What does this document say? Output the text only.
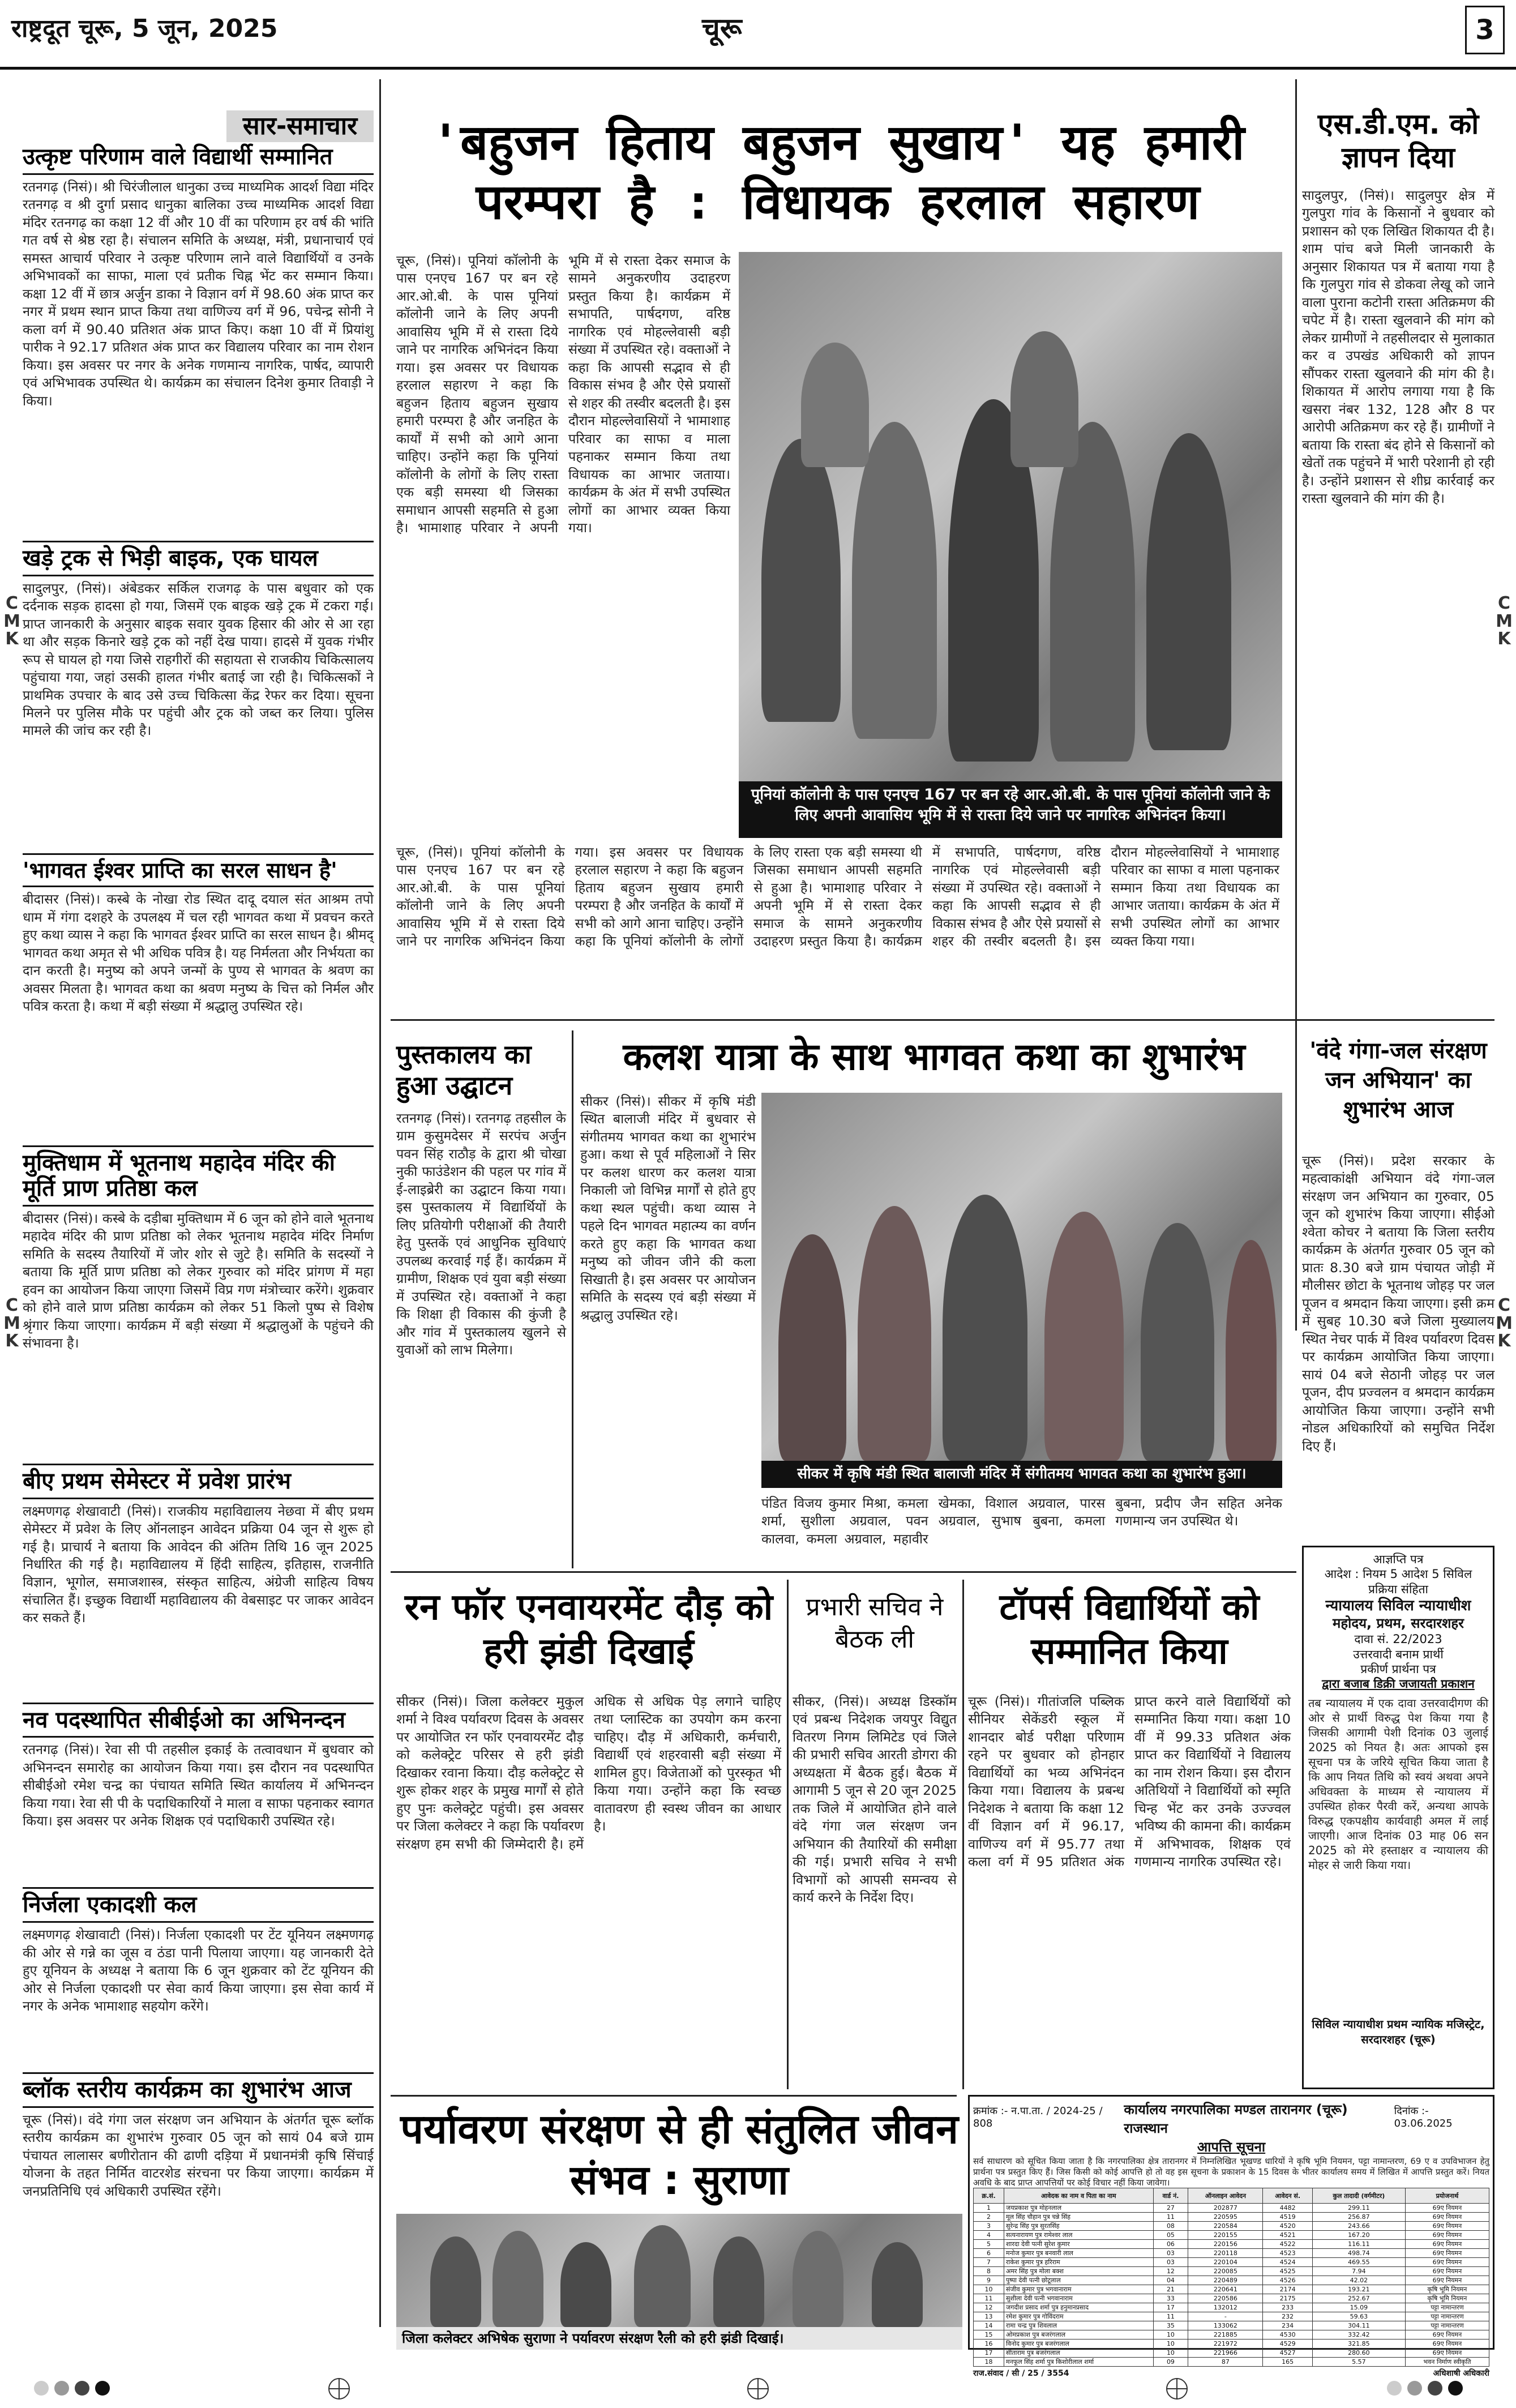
राष्ट्रदूत चूरू, 5 जून, 2025	चूरू	3
C
M
K
C
M
K
C
M
K
C
M
K
सार-समाचार
उत्कृष्ट परिणाम वाले विद्यार्थी सम्मानित
रतनगढ़ (निसं)। श्री चिरंजीलाल धानुका उच्च माध्यमिक आदर्श विद्या मंदिर रतनगढ़ व श्री दुर्गा प्रसाद धानुका बालिका उच्च माध्यमिक आदर्श विद्या मंदिर रतनगढ़ का कक्षा 12 वीं और 10 वीं का परिणाम हर वर्ष की भांति गत वर्ष से श्रेष्ठ रहा है। संचालन समिति के अध्यक्ष, मंत्री, प्रधानाचार्य एवं समस्त आचार्य परिवार ने उत्कृष्ट परिणाम लाने वाले विद्यार्थियों व उनके अभिभावकों का साफा, माला एवं प्रतीक चिह्न भेंट कर सम्मान किया। कक्षा 12 वीं में छात्र अर्जुन डाका ने विज्ञान वर्ग में 98.60 अंक प्राप्त कर नगर में प्रथम स्थान प्राप्त किया तथा वाणिज्य वर्ग में 96, पचेन्द्र सोनी ने कला वर्ग में 90.40 प्रतिशत अंक प्राप्त किए। कक्षा 10 वीं में प्रियांशु पारीक ने 92.17 प्रतिशत अंक प्राप्त कर विद्यालय परिवार का नाम रोशन किया। इस अवसर पर नगर के अनेक गणमान्य नागरिक, पार्षद, व्यापारी एवं अभिभावक उपस्थित थे। कार्यक्रम का संचालन दिनेश कुमार तिवाड़ी ने किया।
खड़े ट्रक से भिड़ी बाइक, एक घायल
सादुलपुर, (निसं)। अंबेडकर सर्किल राजगढ़ के पास बधुवार को एक दर्दनाक सड़क हादसा हो गया, जिसमें एक बाइक खड़े ट्रक में टकरा गई। प्राप्त जानकारी के अनुसार बाइक सवार युवक हिसार की ओर से आ रहा था और सड़क किनारे खड़े ट्रक को नहीं देख पाया। हादसे में युवक गंभीर रूप से घायल हो गया जिसे राहगीरों की सहायता से राजकीय चिकित्सालय पहुंचाया गया, जहां उसकी हालत गंभीर बताई जा रही है। चिकित्सकों ने प्राथमिक उपचार के बाद उसे उच्च चिकित्सा केंद्र रेफर कर दिया। सूचना मिलने पर पुलिस मौके पर पहुंची और ट्रक को जब्त कर लिया। पुलिस मामले की जांच कर रही है।
'भागवत ईश्वर प्राप्ति का सरल साधन है'
बीदासर (निसं)। कस्बे के नोखा रोड स्थित दादू दयाल संत आश्रम तपो धाम में गंगा दशहरे के उपलक्ष्य में चल रही भागवत कथा में प्रवचन करते हुए कथा व्यास ने कहा कि भागवत ईश्वर प्राप्ति का सरल साधन है। श्रीमद् भागवत कथा अमृत से भी अधिक पवित्र है। यह निर्मलता और निर्भयता का दान करती है। मनुष्य को अपने जन्मों के पुण्य से भागवत के श्रवण का अवसर मिलता है। भागवत कथा का श्रवण मनुष्य के चित्त को निर्मल और पवित्र करता है। कथा में बड़ी संख्या में श्रद्धालु उपस्थित रहे।
मुक्तिधाम में भूतनाथ महादेव मंदिर की मूर्ति प्राण प्रतिष्ठा कल
बीदासर (निसं)। कस्बे के दड़ीबा मुक्तिधाम में 6 जून को होने वाले भूतनाथ महादेव मंदिर की प्राण प्रतिष्ठा को लेकर भूतनाथ महादेव मंदिर निर्माण समिति के सदस्य तैयारियों में जोर शोर से जुटे है। समिति के सदस्यों ने बताया कि मूर्ति प्राण प्रतिष्ठा को लेकर गुरुवार को मंदिर प्रांगण में महा हवन का आयोजन किया जाएगा जिसमें विप्र गण मंत्रोच्चार करेंगे। शुक्रवार को होने वाले प्राण प्रतिष्ठा कार्यक्रम को लेकर 51 किलो पुष्प से विशेष श्रृंगार किया जाएगा। कार्यक्रम में बड़ी संख्या में श्रद्धालुओं के पहुंचने की संभावना है।
बीए प्रथम सेमेस्टर में प्रवेश प्रारंभ
लक्ष्मणगढ़ शेखावाटी (निसं)। राजकीय महाविद्यालय नेछवा में बीए प्रथम सेमेस्टर में प्रवेश के लिए ऑनलाइन आवेदन प्रक्रिया 04 जून से शुरू हो गई है। प्राचार्य ने बताया कि आवेदन की अंतिम तिथि 16 जून 2025 निर्धारित की गई है। महाविद्यालय में हिंदी साहित्य, इतिहास, राजनीति विज्ञान, भूगोल, समाजशास्त्र, संस्कृत साहित्य, अंग्रेजी साहित्य विषय संचालित हैं। इच्छुक विद्यार्थी महाविद्यालय की वेबसाइट पर जाकर आवेदन कर सकते हैं।
नव पदस्थापित सीबीईओ का अभिनन्दन
रतनगढ़ (निसं)। रेवा सी पी तहसील इकाई के तत्वावधान में बुधवार को अभिनन्दन समारोह का आयोजन किया गया। इस दौरान नव पदस्थापित सीबीईओ रमेश चन्द्र का पंचायत समिति स्थित कार्यालय में अभिनन्दन किया गया। रेवा सी पी के पदाधिकारियों ने माला व साफा पहनाकर स्वागत किया। इस अवसर पर अनेक शिक्षक एवं पदाधिकारी उपस्थित रहे।
निर्जला एकादशी कल
लक्ष्मणगढ़ शेखावाटी (निसं)। निर्जला एकादशी पर टेंट यूनियन लक्ष्मणगढ़ की ओर से गन्ने का जूस व ठंडा पानी पिलाया जाएगा। यह जानकारी देते हुए यूनियन के अध्यक्ष ने बताया कि 6 जून शुक्रवार को टेंट यूनियन की ओर से निर्जला एकादशी पर सेवा कार्य किया जाएगा। इस सेवा कार्य में नगर के अनेक भामाशाह सहयोग करेंगे।
ब्लॉक स्तरीय कार्यक्रम का शुभारंभ आज
चूरू (निसं)। वंदे गंगा जल संरक्षण जन अभियान के अंतर्गत चूरू ब्लॉक स्तरीय कार्यक्रम का शुभारंभ गुरुवार 05 जून को सायं 04 बजे ग्राम पंचायत लालासर बणीरोतान की ढाणी दड़िया में प्रधानमंत्री कृषि सिंचाई योजना के तहत निर्मित वाटरशेड संरचना पर किया जाएगा। कार्यक्रम में जनप्रतिनिधि एवं अधिकारी उपस्थित रहेंगे।
'बहुजन हिताय बहुजन सुखाय' यह हमारी परम्परा है : विधायक हरलाल सहारण
पूनियां कॉलोनी के पास एनएच 167 पर बन रहे आर.ओ.बी. के पास पूनियां कॉलोनी जाने के लिए अपनी आवासिय भूमि में से रास्ता दिये जाने पर नागरिक अभिनंदन किया।
चूरू, (निसं)। पूनियां कॉलोनी के पास एनएच 167 पर बन रहे आर.ओ.बी. के पास पूनियां कॉलोनी जाने के लिए अपनी आवासिय भूमि में से रास्ता दिये जाने पर नागरिक अभिनंदन किया गया। इस अवसर पर विधायक हरलाल सहारण ने कहा कि बहुजन हिताय बहुजन सुखाय हमारी परम्परा है और जनहित के कार्यों में सभी को आगे आना चाहिए। उन्होंने कहा कि पूनियां कॉलोनी के लोगों के लिए रास्ता एक बड़ी समस्या थी जिसका समाधान आपसी सहमति से हुआ है। भामाशाह परिवार ने अपनी भूमि में से रास्ता देकर समाज के सामने अनुकरणीय उदाहरण प्रस्तुत किया है। कार्यक्रम में सभापति, पार्षदगण, वरिष्ठ नागरिक एवं मोहल्लेवासी बड़ी संख्या में उपस्थित रहे। वक्ताओं ने कहा कि आपसी सद्भाव से ही विकास संभव है और ऐसे प्रयासों से शहर की तस्वीर बदलती है। इस दौरान मोहल्लेवासियों ने भामाशाह परिवार का साफा व माला पहनाकर सम्मान किया तथा विधायक का आभार जताया। कार्यक्रम के अंत में सभी उपस्थित लोगों का आभार व्यक्त किया गया।
चूरू, (निसं)। पूनियां कॉलोनी के पास एनएच 167 पर बन रहे आर.ओ.बी. के पास पूनियां कॉलोनी जाने के लिए अपनी आवासिय भूमि में से रास्ता दिये जाने पर नागरिक अभिनंदन किया गया। इस अवसर पर विधायक हरलाल सहारण ने कहा कि बहुजन हिताय बहुजन सुखाय हमारी परम्परा है और जनहित के कार्यों में सभी को आगे आना चाहिए। उन्होंने कहा कि पूनियां कॉलोनी के लोगों के लिए रास्ता एक बड़ी समस्या थी जिसका समाधान आपसी सहमति से हुआ है। भामाशाह परिवार ने अपनी भूमि में से रास्ता देकर समाज के सामने अनुकरणीय उदाहरण प्रस्तुत किया है। कार्यक्रम में सभापति, पार्षदगण, वरिष्ठ नागरिक एवं मोहल्लेवासी बड़ी संख्या में उपस्थित रहे। वक्ताओं ने कहा कि आपसी सद्भाव से ही विकास संभव है और ऐसे प्रयासों से शहर की तस्वीर बदलती है। इस दौरान मोहल्लेवासियों ने भामाशाह परिवार का साफा व माला पहनाकर सम्मान किया तथा विधायक का आभार जताया। कार्यक्रम के अंत में सभी उपस्थित लोगों का आभार व्यक्त किया गया।
एस.डी.एम. को ज्ञापन दिया
सादुलपुर, (निसं)। सादुलपुर क्षेत्र में गुलपुरा गांव के किसानों ने बुधवार को प्रशासन को एक लिखित शिकायत दी है। शाम पांच बजे मिली जानकारी के अनुसार शिकायत पत्र में बताया गया है कि गुलपुरा गांव से डोकवा लेखू को जाने वाला पुराना कटोनी रास्ता अतिक्रमण की चपेट में है। रास्ता खुलवाने की मांग को लेकर ग्रामीणों ने तहसीलदार से मुलाकात कर व उपखंड अधिकारी को ज्ञापन सौंपकर रास्ता खुलवाने की मांग की है। शिकायत में आरोप लगाया गया है कि खसरा नंबर 132, 128 और 8 पर आरोपी अतिक्रमण कर रहे हैं। ग्रामीणों ने बताया कि रास्ता बंद होने से किसानों को खेतों तक पहुंचने में भारी परेशानी हो रही है। उन्होंने प्रशासन से शीघ्र कार्रवाई कर रास्ता खुलवाने की मांग की है।
पुस्तकालय का हुआ उद्घाटन
रतनगढ़ (निसं)। रतनगढ़ तहसील के ग्राम कुसुमदेसर में सरपंच अर्जुन पवन सिंह राठौड़ के द्वारा श्री चोखा नुकी फाउंडेशन की पहल पर गांव में ई-लाइब्रेरी का उद्घाटन किया गया। इस पुस्तकालय में विद्यार्थियों के लिए प्रतियोगी परीक्षाओं की तैयारी हेतु पुस्तकें एवं आधुनिक सुविधाएं उपलब्ध करवाई गई हैं। कार्यक्रम में ग्रामीण, शिक्षक एवं युवा बड़ी संख्या में उपस्थित रहे। वक्ताओं ने कहा कि शिक्षा ही विकास की कुंजी है और गांव में पुस्तकालय खुलने से युवाओं को लाभ मिलेगा।
कलश यात्रा के साथ भागवत कथा का शुभारंभ
सीकर (निसं)। सीकर में कृषि मंडी स्थित बालाजी मंदिर में बुधवार से संगीतमय भागवत कथा का शुभारंभ हुआ। कथा से पूर्व महिलाओं ने सिर पर कलश धारण कर कलश यात्रा निकाली जो विभिन्न मार्गों से होते हुए कथा स्थल पहुंची। कथा व्यास ने पहले दिन भागवत महात्म्य का वर्णन करते हुए कहा कि भागवत कथा मनुष्य को जीवन जीने की कला सिखाती है। इस अवसर पर आयोजन समिति के सदस्य एवं बड़ी संख्या में श्रद्धालु उपस्थित रहे।
सीकर में कृषि मंडी स्थित बालाजी मंदिर में संगीतमय भागवत कथा का शुभारंभ हुआ।
पंडित विजय कुमार मिश्रा, कमला शर्मा, सुशीला अग्रवाल, पवन कालवा, कमला अग्रवाल, महावीर खेमका, विशाल अग्रवाल, पारस अग्रवाल, सुभाष बुबना, कमला बुबना, प्रदीप जैन सहित अनेक गणमान्य जन उपस्थित थे।
'वंदे गंगा-जल संरक्षण जन अभियान' का शुभारंभ आज
चूरू (निसं)। प्रदेश सरकार के महत्वाकांक्षी अभियान वंदे गंगा-जल संरक्षण जन अभियान का गुरुवार, 05 जून को शुभारंभ किया जाएगा। सीईओ श्वेता कोचर ने बताया कि जिला स्तरीय कार्यक्रम के अंतर्गत गुरुवार 05 जून को प्रातः 8.30 बजे ग्राम पंचायत जोड़ी में मौलीसर छोटा के भूतनाथ जोहड़ पर जल पूजन व श्रमदान किया जाएगा। इसी क्रम में सुबह 10.30 बजे जिला मुख्यालय स्थित नेचर पार्क में विश्व पर्यावरण दिवस पर कार्यक्रम आयोजित किया जाएगा। सायं 04 बजे सेठानी जोहड़ पर जल पूजन, दीप प्रज्वलन व श्रमदान कार्यक्रम आयोजित किया जाएगा। उन्होंने सभी नोडल अधिकारियों को समुचित निर्देश दिए हैं।
रन फॉर एनवायरमेंट दौड़ को हरी झंडी दिखाई
सीकर (निसं)। जिला कलेक्टर मुकुल शर्मा ने विश्व पर्यावरण दिवस के अवसर पर आयोजित रन फॉर एनवायरमेंट दौड़ को कलेक्ट्रेट परिसर से हरी झंडी दिखाकर रवाना किया। दौड़ कलेक्ट्रेट से शुरू होकर शहर के प्रमुख मार्गों से होते हुए पुनः कलेक्ट्रेट पहुंची। इस अवसर पर जिला कलेक्टर ने कहा कि पर्यावरण संरक्षण हम सभी की जिम्मेदारी है। हमें अधिक से अधिक पेड़ लगाने चाहिए तथा प्लास्टिक का उपयोग कम करना चाहिए। दौड़ में अधिकारी, कर्मचारी, विद्यार्थी एवं शहरवासी बड़ी संख्या में शामिल हुए। विजेताओं को पुरस्कृत भी किया गया। उन्होंने कहा कि स्वच्छ वातावरण ही स्वस्थ जीवन का आधार है।
प्रभारी सचिव ने बैठक ली
सीकर, (निसं)। अध्यक्ष डिस्कॉम एवं प्रबन्ध निदेशक जयपुर विद्युत वितरण निगम लिमिटेड एवं जिले की प्रभारी सचिव आरती डोगरा की अध्यक्षता में बैठक हुई। बैठक में आगामी 5 जून से 20 जून 2025 तक जिले में आयोजित होने वाले वंदे गंगा जल संरक्षण जन अभियान की तैयारियों की समीक्षा की गई। प्रभारी सचिव ने सभी विभागों को आपसी समन्वय से कार्य करने के निर्देश दिए।
टॉपर्स विद्यार्थियों को सम्मानित किया
चूरू (निसं)। गीतांजलि पब्लिक सीनियर सेकेंडरी स्कूल में शानदार बोर्ड परीक्षा परिणाम रहने पर बुधवार को होनहार विद्यार्थियों का भव्य अभिनंदन किया गया। विद्यालय के प्रबन्ध निदेशक ने बताया कि कक्षा 12 वीं विज्ञान वर्ग में 96.17, वाणिज्य वर्ग में 95.77 तथा कला वर्ग में 95 प्रतिशत अंक प्राप्त करने वाले विद्यार्थियों को सम्मानित किया गया। कक्षा 10 वीं में 99.33 प्रतिशत अंक प्राप्त कर विद्यार्थियों ने विद्यालय का नाम रोशन किया। इस दौरान अतिथियों ने विद्यार्थियों को स्मृति चिन्ह भेंट कर उनके उज्ज्वल भविष्य की कामना की। कार्यक्रम में अभिभावक, शिक्षक एवं गणमान्य नागरिक उपस्थित रहे।
आज्ञप्ति पत्र
आदेश : नियम 5 आदेश 5 सिविल
प्रक्रिया संहिता
न्यायालय सिविल न्यायाधीश
महोदय, प्रथम, सरदारशहर
दावा सं. 22/2023
उत्तरवादी बनाम प्रार्थी
प्रकीर्ण प्रार्थना पत्र
द्वारा बजाब डिक्री जजायती प्रकाशन
तब न्यायालय में एक दावा उत्तरवादीगण की ओर से प्रार्थी विरुद्ध पेश किया गया है जिसकी आगामी पेशी दिनांक 03 जुलाई 2025 को नियत है। अतः आपको इस सूचना पत्र के जरिये सूचित किया जाता है कि आप नियत तिथि को स्वयं अथवा अपने अधिवक्ता के माध्यम से न्यायालय में उपस्थित होकर पैरवी करें, अन्यथा आपके विरुद्ध एकपक्षीय कार्यवाही अमल में लाई जाएगी। आज दिनांक 03 माह 06 सन 2025 को मेरे हस्ताक्षर व न्यायालय की मोहर से जारी किया गया।
सिविल न्यायाधीश प्रथम न्यायिक मजिस्ट्रेट, सरदारशहर (चूरू)
पर्यावरण संरक्षण से ही संतुलित जीवन संभव : सुराणा
जिला कलेक्टर अभिषेक सुराणा ने पर्यावरण संरक्षण रैली को हरी झंडी दिखाई।
क्रमांक :- न.पा.ता. / 2024-25 / 808
कार्यालय नगरपालिका मण्डल तारानगर (चूरू) राजस्थान
दिनांक :- 03.06.2025
आपत्ति सूचना
सर्व साधारण को सूचित किया जाता है कि नगरपालिका क्षेत्र तारानगर में निम्नलिखित भूखण्ड धारियों ने कृषि भूमि नियमन, पट्टा नामान्तरण, 69 ए व उपविभाजन हेतु प्रार्थना पत्र प्रस्तुत किए हैं। जिस किसी को कोई आपत्ति हो तो वह इस सूचना के प्रकाशन के 15 दिवस के भीतर कार्यालय समय में लिखित में आपत्ति प्रस्तुत करें। नियत अवधि के बाद प्राप्त आपत्तियों पर कोई विचार नहीं किया जावेगा।
क्र.सं.	आवेदक का नाम व पिता का नाम	वार्ड नं.	ऑनलाइन आवेदन	आवेदन सं.	कुल तादादी (वर्गमीटर)	प्रयोजनार्थ
1	जयप्रकाश पुत्र मोहनलाल	27	202877	4482	299.11	69ए नियमन
2	मूल सिंह चौहान पुत्र चन्ने सिंह	11	220595	4519	256.87	69ए नियमन
3	सुरेन्द्र सिंह पुत्र सुरतसिंह	08	220584	4520	243.66	69ए नियमन
4	सत्यनारायण पुत्र रामेश्वर लाल	05	220155	4521	167.20	69ए नियमन
5	शारदा देवी पत्नी सुरेश कुमार	06	220156	4522	116.11	69ए नियमन
6	मनोज कुमार पुत्र बनवारी लाल	03	220118	4523	498.74	69ए नियमन
7	राकेश कुमार पुत्र हरिराम	03	220104	4524	469.55	69ए नियमन
8	अमर सिंह पुत्र मोला बक्श	12	220085	4525	7.94	69ए नियमन
9	पुष्पा देवी पत्नी छोटूलाल	04	220489	4526	42.02	69ए नियमन
10	संजीव कुमार पुत्र भगवानाराम	21	220641	2174	193.21	कृषि भूमि नियमन
11	सुशीला देवी पत्नी भगवानाराम	33	220586	2175	252.67	कृषि भूमि नियमन
12	जगदीश प्रसाद शर्मा पुत्र हनुमानप्रसाद	17	132012	233	15.09	पट्टा नामान्तरण
13	रमेश कुमार पुत्र गोविंदराम	11	-	232	59.63	पट्टा नामान्तरण
14	रामा चन्द्र पुत्र शिवलाल	35	133062	234	304.11	पट्टा नामान्तरण
15	ओमप्रकाश पुत्र बजरंगलाल	10	221885	4530	332.42	69ए नियमन
16	विनोद कुमार पुत्र बजरंगलाल	10	221972	4529	321.85	69ए नियमन
17	सीताराम पुत्र बजरंगलाल	10	221966	4527	280.60	69ए नियमन
18	मनफूल सिंह शर्मा पुत्र किशोरीलाल शर्मा	09	87	165	5.57	भवन निर्माण स्वीकृति
राज.संवाद / सी / 25 / 3554	अधिशाषी अधिकारी
